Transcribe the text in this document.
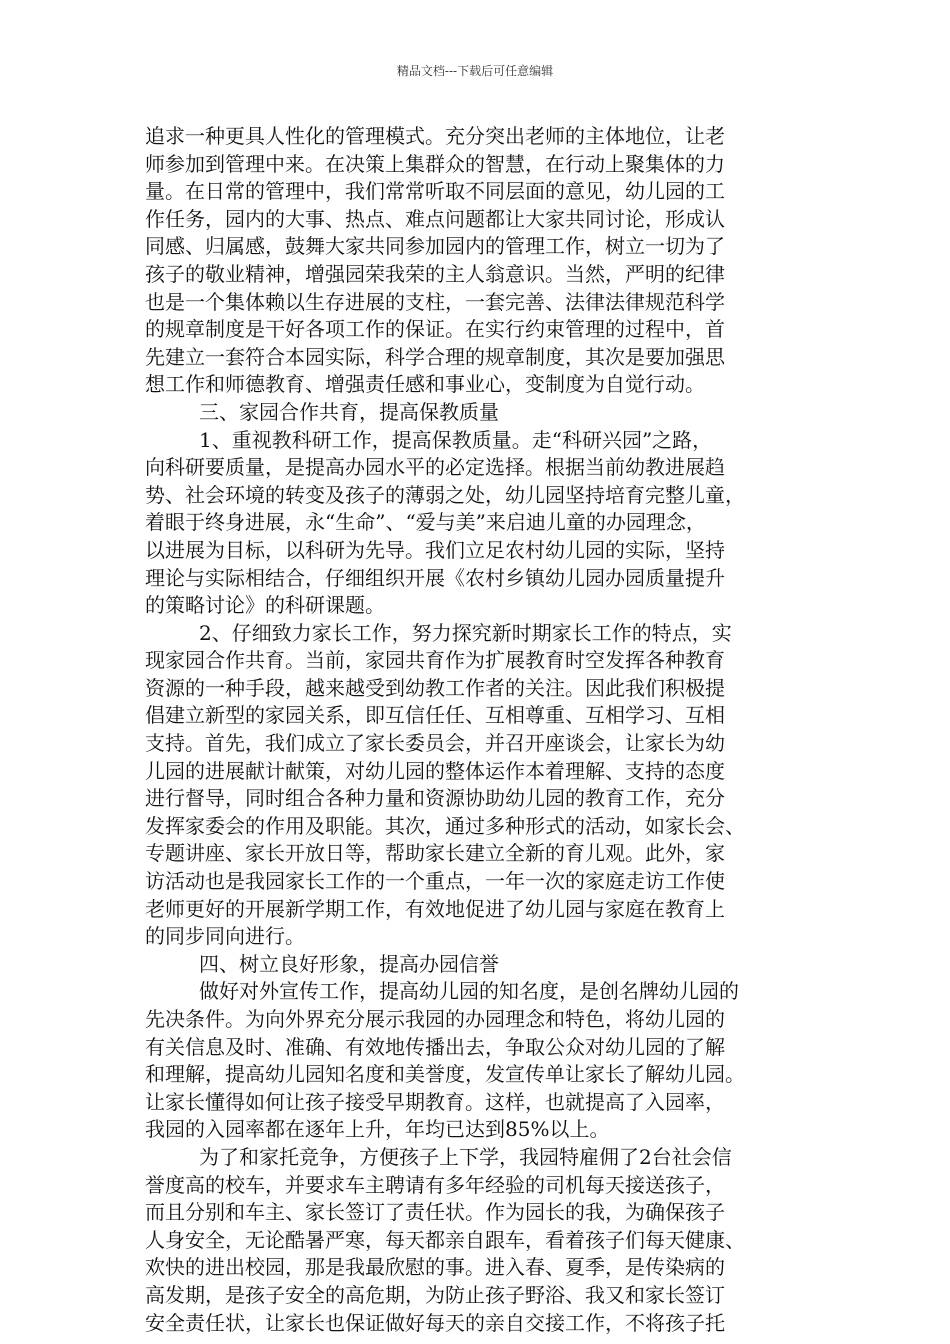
精品文档---下载后可任意编辑
追求一种更具人性化的管理模式。充分突出老师的主体地位，让老
师参加到管理中来。在决策上集群众的智慧，在行动上聚集体的力
量。在日常的管理中，我们常常听取不同层面的意见，幼儿园的工
作任务，园内的大事、热点、难点问题都让大家共同讨论，形成认
同感、归属感，鼓舞大家共同参加园内的管理工作，树立一切为了
孩子的敬业精神，增强园荣我荣的主人翁意识。当然，严明的纪律
也是一个集体赖以生存进展的支柱，一套完善、法律法律规范科学
的规章制度是干好各项工作的保证。在实行约束管理的过程中，首
先建立一套符合本园实际，科学合理的规章制度，其次是要加强思
想工作和师德教育、增强责任感和事业心，变制度为自觉行动。
三、家园合作共育，提高保教质量
1、重视教科研工作，提高保教质量。走“科研兴园”之路，
向科研要质量，是提高办园水平的必定选择。根据当前幼教进展趋
势、社会环境的转变及孩子的薄弱之处，幼儿园坚持培育完整儿童，
着眼于终身进展，永“生命”、“爱与美”来启迪儿童的办园理念，
以进展为目标，以科研为先导。我们立足农村幼儿园的实际，坚持
理论与实际相结合，仔细组织开展《农村乡镇幼儿园办园质量提升
的策略讨论》的科研课题。
2、仔细致力家长工作，努力探究新时期家长工作的特点，实
现家园合作共育。当前，家园共育作为扩展教育时空发挥各种教育
资源的一种手段，越来越受到幼教工作者的关注。因此我们积极提
倡建立新型的家园关系，即互信任任、互相尊重、互相学习、互相
支持。首先，我们成立了家长委员会，并召开座谈会，让家长为幼
儿园的进展献计献策，对幼儿园的整体运作本着理解、支持的态度
进行督导，同时组合各种力量和资源协助幼儿园的教育工作，充分
发挥家委会的作用及职能。其次，通过多种形式的活动，如家长会、
专题讲座、家长开放日等，帮助家长建立全新的育儿观。此外，家
访活动也是我园家长工作的一个重点，一年一次的家庭走访工作使
老师更好的开展新学期工作，有效地促进了幼儿园与家庭在教育上
的同步同向进行。
四、树立良好形象，提高办园信誉
做好对外宣传工作，提高幼儿园的知名度，是创名牌幼儿园的
先决条件。为向外界充分展示我园的办园理念和特色，将幼儿园的
有关信息及时、准确、有效地传播出去，争取公众对幼儿园的了解
和理解，提高幼儿园知名度和美誉度，发宣传单让家长了解幼儿园。
让家长懂得如何让孩子接受早期教育。这样，也就提高了入园率，
我园的入园率都在逐年上升，年均已达到85%以上。
为了和家托竞争，方便孩子上下学，我园特雇佣了2台社会信
誉度高的校车，并要求车主聘请有多年经验的司机每天接送孩子，
而且分别和车主、家长签订了责任状。作为园长的我，为确保孩子
人身安全，无论酷暑严寒，每天都亲自跟车，看着孩子们每天健康、
欢快的进出校园，那是我最欣慰的事。进入春、夏季，是传染病的
高发期，是孩子安全的高危期，为防止孩子野浴、我又和家长签订
安全责任状，让家长也保证做好每天的亲自交接工作，不将孩子托
